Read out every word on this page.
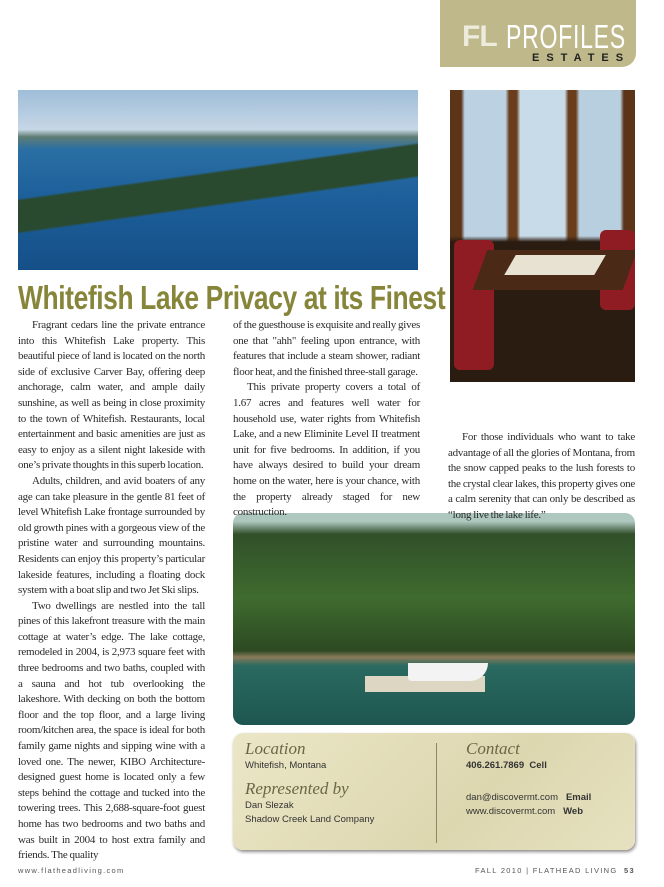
FL PROFILES
ESTATES
Whitefish Lake Privacy at its Finest

Fragrant cedars line the private entrance into this Whitefish Lake property. This beautiful piece of land is located on the north side of exclusive Carver Bay, offering deep anchorage, calm water, and ample daily sunshine, as well as being in close proximity to the town of Whitefish. Restaurants, local entertainment and basic amenities are just as easy to enjoy as a silent night lakeside with one’s private thoughts in this superb location.

Adults, children, and avid boaters of any age can take pleasure in the gentle 81 feet of level Whitefish Lake frontage surrounded by old growth pines with a gorgeous view of the pristine water and surrounding mountains. Residents can enjoy this property’s particular lakeside features, including a floating dock system with a boat slip and two Jet Ski slips.

Two dwellings are nestled into the tall pines of this lakefront treasure with the main cottage at water’s edge. The lake cottage, remodeled in 2004, is 2,973 square feet with three bedrooms and two baths, coupled with a sauna and hot tub overlooking the lakeshore. With decking on both the bottom floor and the top floor, and a large living room/kitchen area, the space is ideal for both family game nights and sipping wine with a loved one. The newer, KIBO Architecture-designed guest home is located only a few steps behind the cottage and tucked into the towering trees. This 2,688-square-foot guest home has two bedrooms and two baths and was built in 2004 to host extra family and friends. The quality

of the guesthouse is exquisite and really gives one that "ahh" feeling upon entrance, with features that include a steam shower, radiant floor heat, and the finished three-stall garage.

This private property covers a total of 1.67 acres and features well water for household use, water rights from Whitefish Lake, and a new Eliminite Level II treatment unit for five bedrooms. In addition, if you have always desired to build your dream home on the water, here is your chance, with the property already staged for new construction.

For those individuals who want to take advantage of all the glories of Montana, from the snow capped peaks to the lush forests to the crystal clear lakes, this property gives one a calm serenity that can only be described as “long live the lake life.”

Location
Whitefish, Montana
Represented by
Dan Slezak
Shadow Creek Land Company
Contact
406.261.7869 Cell
dan@discovermt.com Email
www.discovermt.com Web
www.flatheadliving.com	FALL 2010 | FLATHEAD LIVING 53
